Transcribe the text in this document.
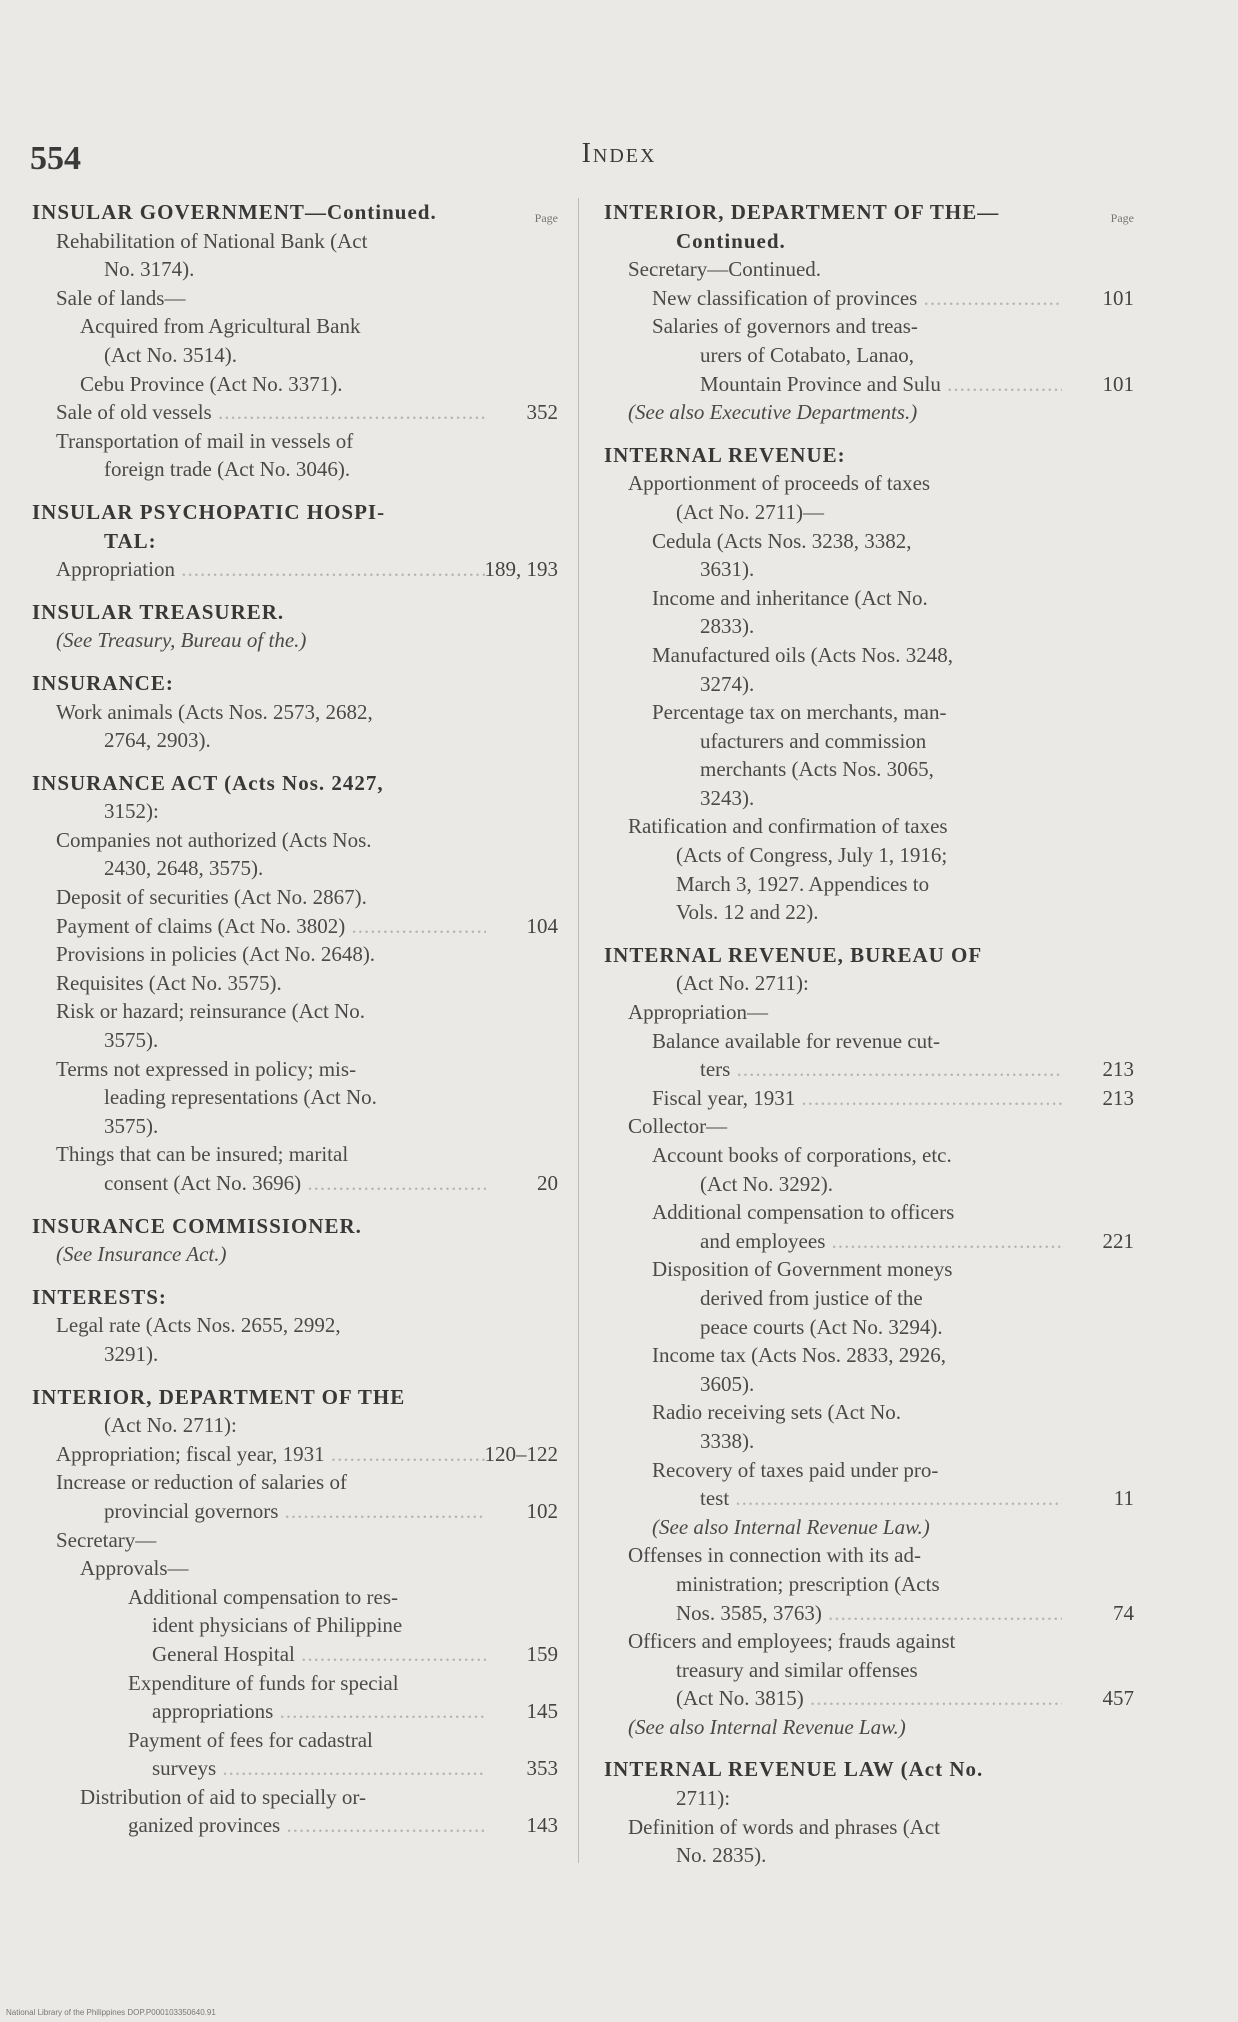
554	Index
Page
INSULAR GOVERNMENT—Continued.
Rehabilitation of National Bank (Act
No. 3174).
Sale of lands—
Acquired from Agricultural Bank
(Act No. 3514).
Cebu Province (Act No. 3371).
Sale of old vessels .....	352
Transportation of mail in vessels of
foreign trade (Act No. 3046).
INSULAR PSYCHOPATIC HOSPI-
TAL:
Appropriation .....	189, 193
INSULAR TREASURER.
(See Treasury, Bureau of the.)
INSURANCE:
Work animals (Acts Nos. 2573, 2682,
2764, 2903).
INSURANCE ACT (Acts Nos. 2427,
3152):
Companies not authorized (Acts Nos.
2430, 2648, 3575).
Deposit of securities (Act No. 2867).
Payment of claims (Act No. 3802) .....	104
Provisions in policies (Act No. 2648).
Requisites (Act No. 3575).
Risk or hazard; reinsurance (Act No.
3575).
Terms not expressed in policy; mis-
leading representations (Act No.
3575).
Things that can be insured; marital
consent (Act No. 3696) .....	20
INSURANCE COMMISSIONER.
(See Insurance Act.)
INTERESTS:
Legal rate (Acts Nos. 2655, 2992,
3291).
INTERIOR, DEPARTMENT OF THE
(Act No. 2711):
Appropriation; fiscal year, 1931 .....	120–122
Increase or reduction of salaries of
provincial governors .....	102
Secretary—
Approvals—
Additional compensation to res-
ident physicians of Philippine
General Hospital .....	159
Expenditure of funds for special
appropriations .....	145
Payment of fees for cadastral
surveys .....	353
Distribution of aid to specially or-
ganized provinces .....	143
Page
INTERIOR, DEPARTMENT OF THE—
Continued.
Secretary—Continued.
New classification of provinces .....	101
Salaries of governors and treas-
urers of Cotabato, Lanao,
Mountain Province and Sulu .....	101
(See also Executive Departments.)
INTERNAL REVENUE:
Apportionment of proceeds of taxes
(Act No. 2711)—
Cedula (Acts Nos. 3238, 3382,
3631).
Income and inheritance (Act No.
2833).
Manufactured oils (Acts Nos. 3248,
3274).
Percentage tax on merchants, man-
ufacturers and commission
merchants (Acts Nos. 3065,
3243).
Ratification and confirmation of taxes
(Acts of Congress, July 1, 1916;
March 3, 1927. Appendices to
Vols. 12 and 22).
INTERNAL REVENUE, BUREAU OF
(Act No. 2711):
Appropriation—
Balance available for revenue cut-
ters .....	213
Fiscal year, 1931 .....	213
Collector—
Account books of corporations, etc.
(Act No. 3292).
Additional compensation to officers
and employees .....	221
Disposition of Government moneys
derived from justice of the
peace courts (Act No. 3294).
Income tax (Acts Nos. 2833, 2926,
3605).
Radio receiving sets (Act No.
3338).
Recovery of taxes paid under pro-
test .....	11
(See also Internal Revenue Law.)
Offenses in connection with its ad-
ministration; prescription (Acts
Nos. 3585, 3763) .....	74
Officers and employees; frauds against
treasury and similar offenses
(Act No. 3815) .....	457
(See also Internal Revenue Law.)
INTERNAL REVENUE LAW (Act No.
2711):
Definition of words and phrases (Act
No. 2835).
National Library of the Philippines DOP.P000103350640.91
